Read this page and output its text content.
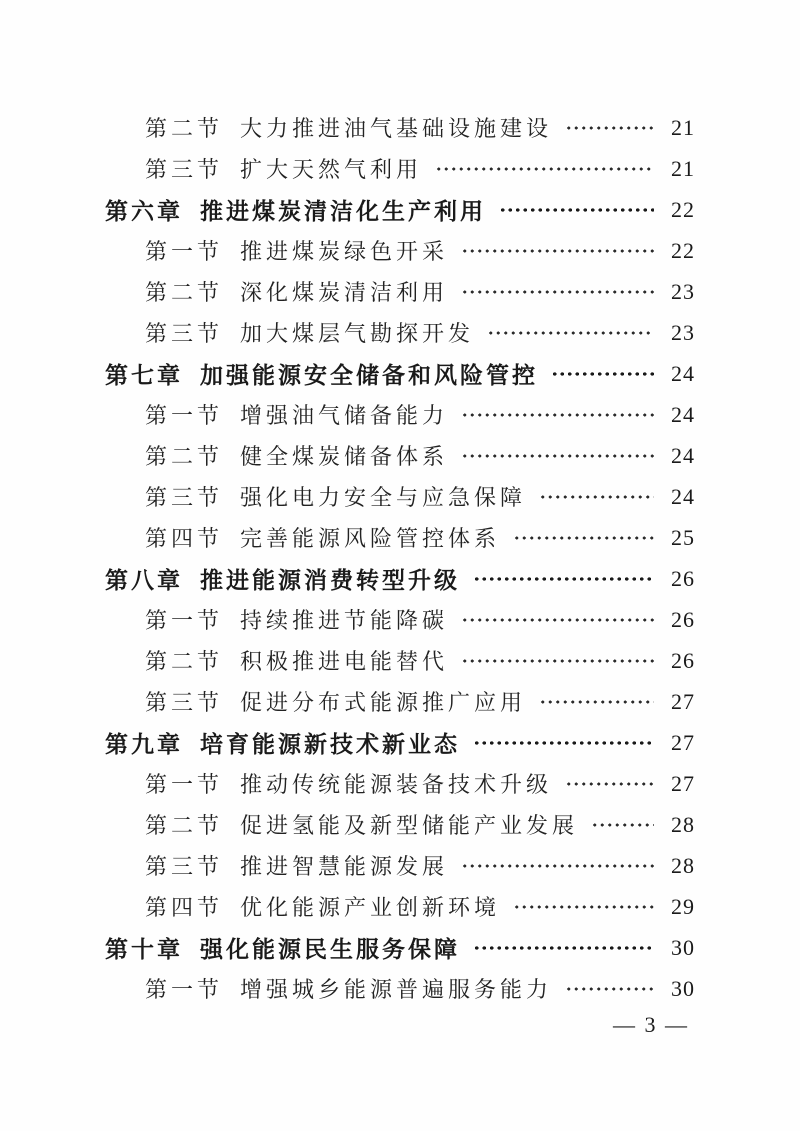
第二节 大力推进油气基础设施建设	21
第三节 扩大天然气利用	21
第六章 推进煤炭清洁化生产利用	22
第一节 推进煤炭绿色开采	22
第二节 深化煤炭清洁利用	23
第三节 加大煤层气勘探开发	23
第七章 加强能源安全储备和风险管控	24
第一节 增强油气储备能力	24
第二节 健全煤炭储备体系	24
第三节 强化电力安全与应急保障	24
第四节 完善能源风险管控体系	25
第八章 推进能源消费转型升级	26
第一节 持续推进节能降碳	26
第二节 积极推进电能替代	26
第三节 促进分布式能源推广应用	27
第九章 培育能源新技术新业态	27
第一节 推动传统能源装备技术升级	27
第二节 促进氢能及新型储能产业发展	28
第三节 推进智慧能源发展	28
第四节 优化能源产业创新环境	29
第十章 强化能源民生服务保障	30
第一节 增强城乡能源普遍服务能力	30
— 3 —
